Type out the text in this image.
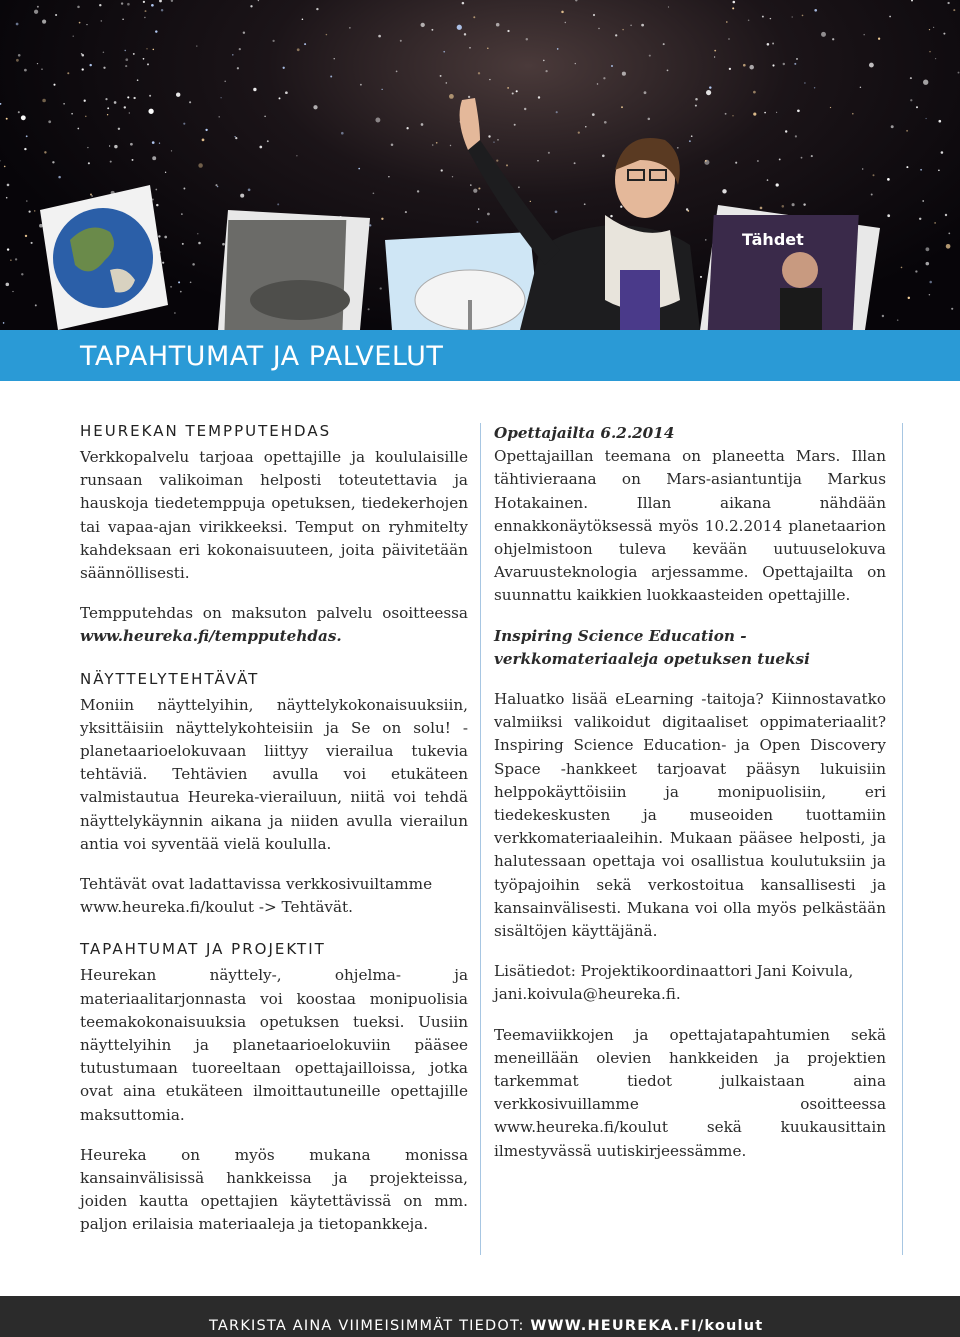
Tähdet
TAPAHTUMAT JA PALVELUT
HEUREKAN TEMPPUTEHDAS

Verkkopalvelu tarjoaa opettajille ja koululaisille runsaan valikoiman helposti toteutettavia ja hauskoja tiedetemppuja opetuksen, tiedekerhojen tai vapaa-ajan virikkeeksi. Temput on ryhmitelty kahdeksaan eri kokonaisuuteen, joita päivitetään säännöllisesti.

Tempputehdas on maksuton palvelu osoitteessa www.heureka.fi/tempputehdas.

NÄYTTELYTEHTÄVÄT

Moniin näyttelyihin, näyttelykokonaisuuksiin, yksittäisiin näyttelykohteisiin ja Se on solu! -planetaarioelokuvaan liittyy vierailua tukevia tehtäviä. Tehtävien avulla voi etukäteen valmistautua Heureka-vierailuun, niitä voi tehdä näyttelykäynnin aikana ja niiden avulla vierailun antia voi syventää vielä koululla.

Tehtävät ovat ladattavissa verkkosivuiltamme www.heureka.fi/koulut -> Tehtävät.

TAPAHTUMAT JA PROJEKTIT

Heurekan näyttely-, ohjelma- ja materiaalitarjonnasta voi koostaa monipuolisia teemakokonaisuuksia opetuksen tueksi. Uusiin näyttelyihin ja planetaarioelokuviin pääsee tutustumaan tuoreeltaan opettajailloissa, jotka ovat aina etukäteen ilmoittautuneille opettajille maksuttomia.

Heureka on myös mukana monissa kansainvälisissä hankkeissa ja projekteissa, joiden kautta opettajien käytettävissä on mm. paljon erilaisia materiaaleja ja tietopankkeja.

Opettajailta 6.2.2014

Opettajaillan teemana on planeetta Mars. Illan tähtivieraana on Mars-asiantuntija Markus Hotakainen. Illan aikana nähdään ennakkonäytöksessä myös 10.2.2014 planetaarion ohjelmistoon tuleva kevään uutuuselokuva Avaruusteknologia arjessamme. Opettajailta on suunnattu kaikkien luokkaasteiden opettajille.

Inspiring Science Education - verkkomateriaaleja opetuksen tueksi

Haluatko lisää eLearning -taitoja? Kiinnostavatko valmiiksi valikoidut digitaaliset oppimateriaalit? Inspiring Science Education- ja Open Discovery Space -hankkeet tarjoavat pääsyn lukuisiin helppokäyttöisiin ja monipuolisiin, eri tiedekeskusten ja museoiden tuottamiin verkkomateriaaleihin. Mukaan pääsee helposti, ja halutessaan opettaja voi osallistua koulutuksiin ja työpajoihin sekä verkostoitua kansallisesti ja kansainvälisesti. Mukana voi olla myös pelkästään sisältöjen käyttäjänä.

Lisätiedot: Projektikoordinaattori Jani Koivula, jani.koivula@heureka.fi.

Teemaviikkojen ja opettajatapahtumien sekä meneillään olevien hankkeiden ja projektien tarkemmat tiedot julkaistaan aina verkkosivuillamme osoitteessa www.heureka.fi/koulut sekä kuukausittain ilmestyvässä uutiskirjeessämme.

TARKISTA AINA VIIMEISIMMÄT TIEDOT: WWW.HEUREKA.FI/koulut
